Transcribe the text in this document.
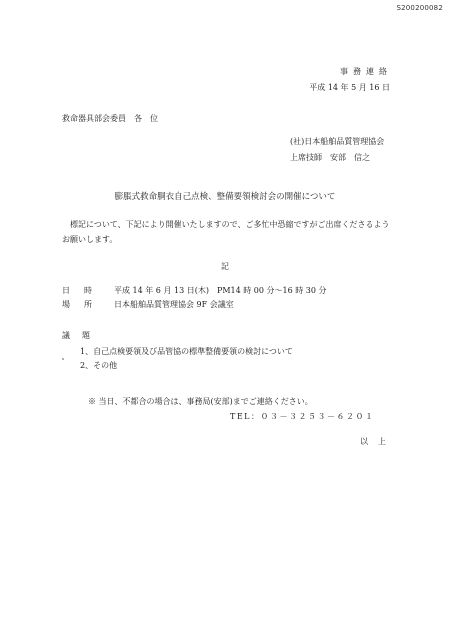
S200200082
事務連絡
平成 14 年 5 月 16 日
救命器具部会委員　各　位
(社)日本船舶品質管理協会
上席技師　安部　信之
膨脹式救命胴衣自己点検、整備要領検討会の開催について
標記について、下記により開催いたしますので、ご多忙中恐縮ですがご出席くださるようお願いします。
記
日時 平成 14 年 6 月 13 日(木)　PM14 時 00 分～16 時 30 分
場所 日本船舶品質管理協会 9F 会議室
議題
1、自己点検要領及び品管協の標準整備要領の検討について
2、その他
※ 当日、不都合の場合は、事務局(安部)までご連絡ください。
TEL：０３－３２５３－６２０１
以上
